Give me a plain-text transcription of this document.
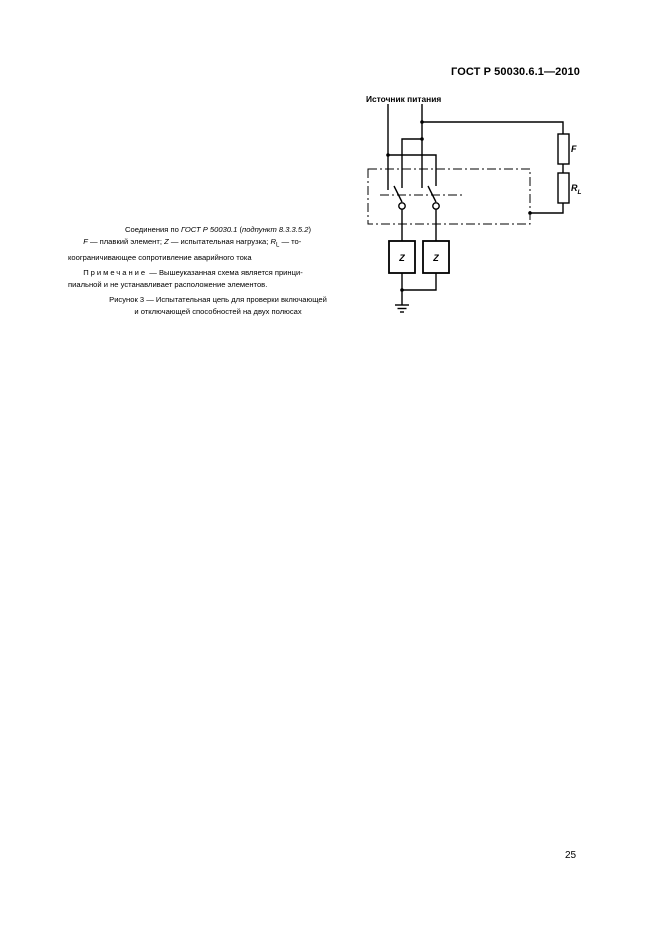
ГОСТ Р 50030.6.1—2010
Источник питания
F
$R_L$
Z	Z

Соединения по ГОСТ Р 50030.1 (подпункт 8.3.3.5.2)

  F — плавкий элемент; Z — испытательная нагрузка; $R_L$ — то-

коограничивающее сопротивление аварийного тока

  Примечание — Вышеуказанная схема является принци-

пиальной и не устанавливает расположение элементов.

Рисунок 3 — Испытательная цепь для проверки включающей

и отключающей способностей на двух полюсах

25
